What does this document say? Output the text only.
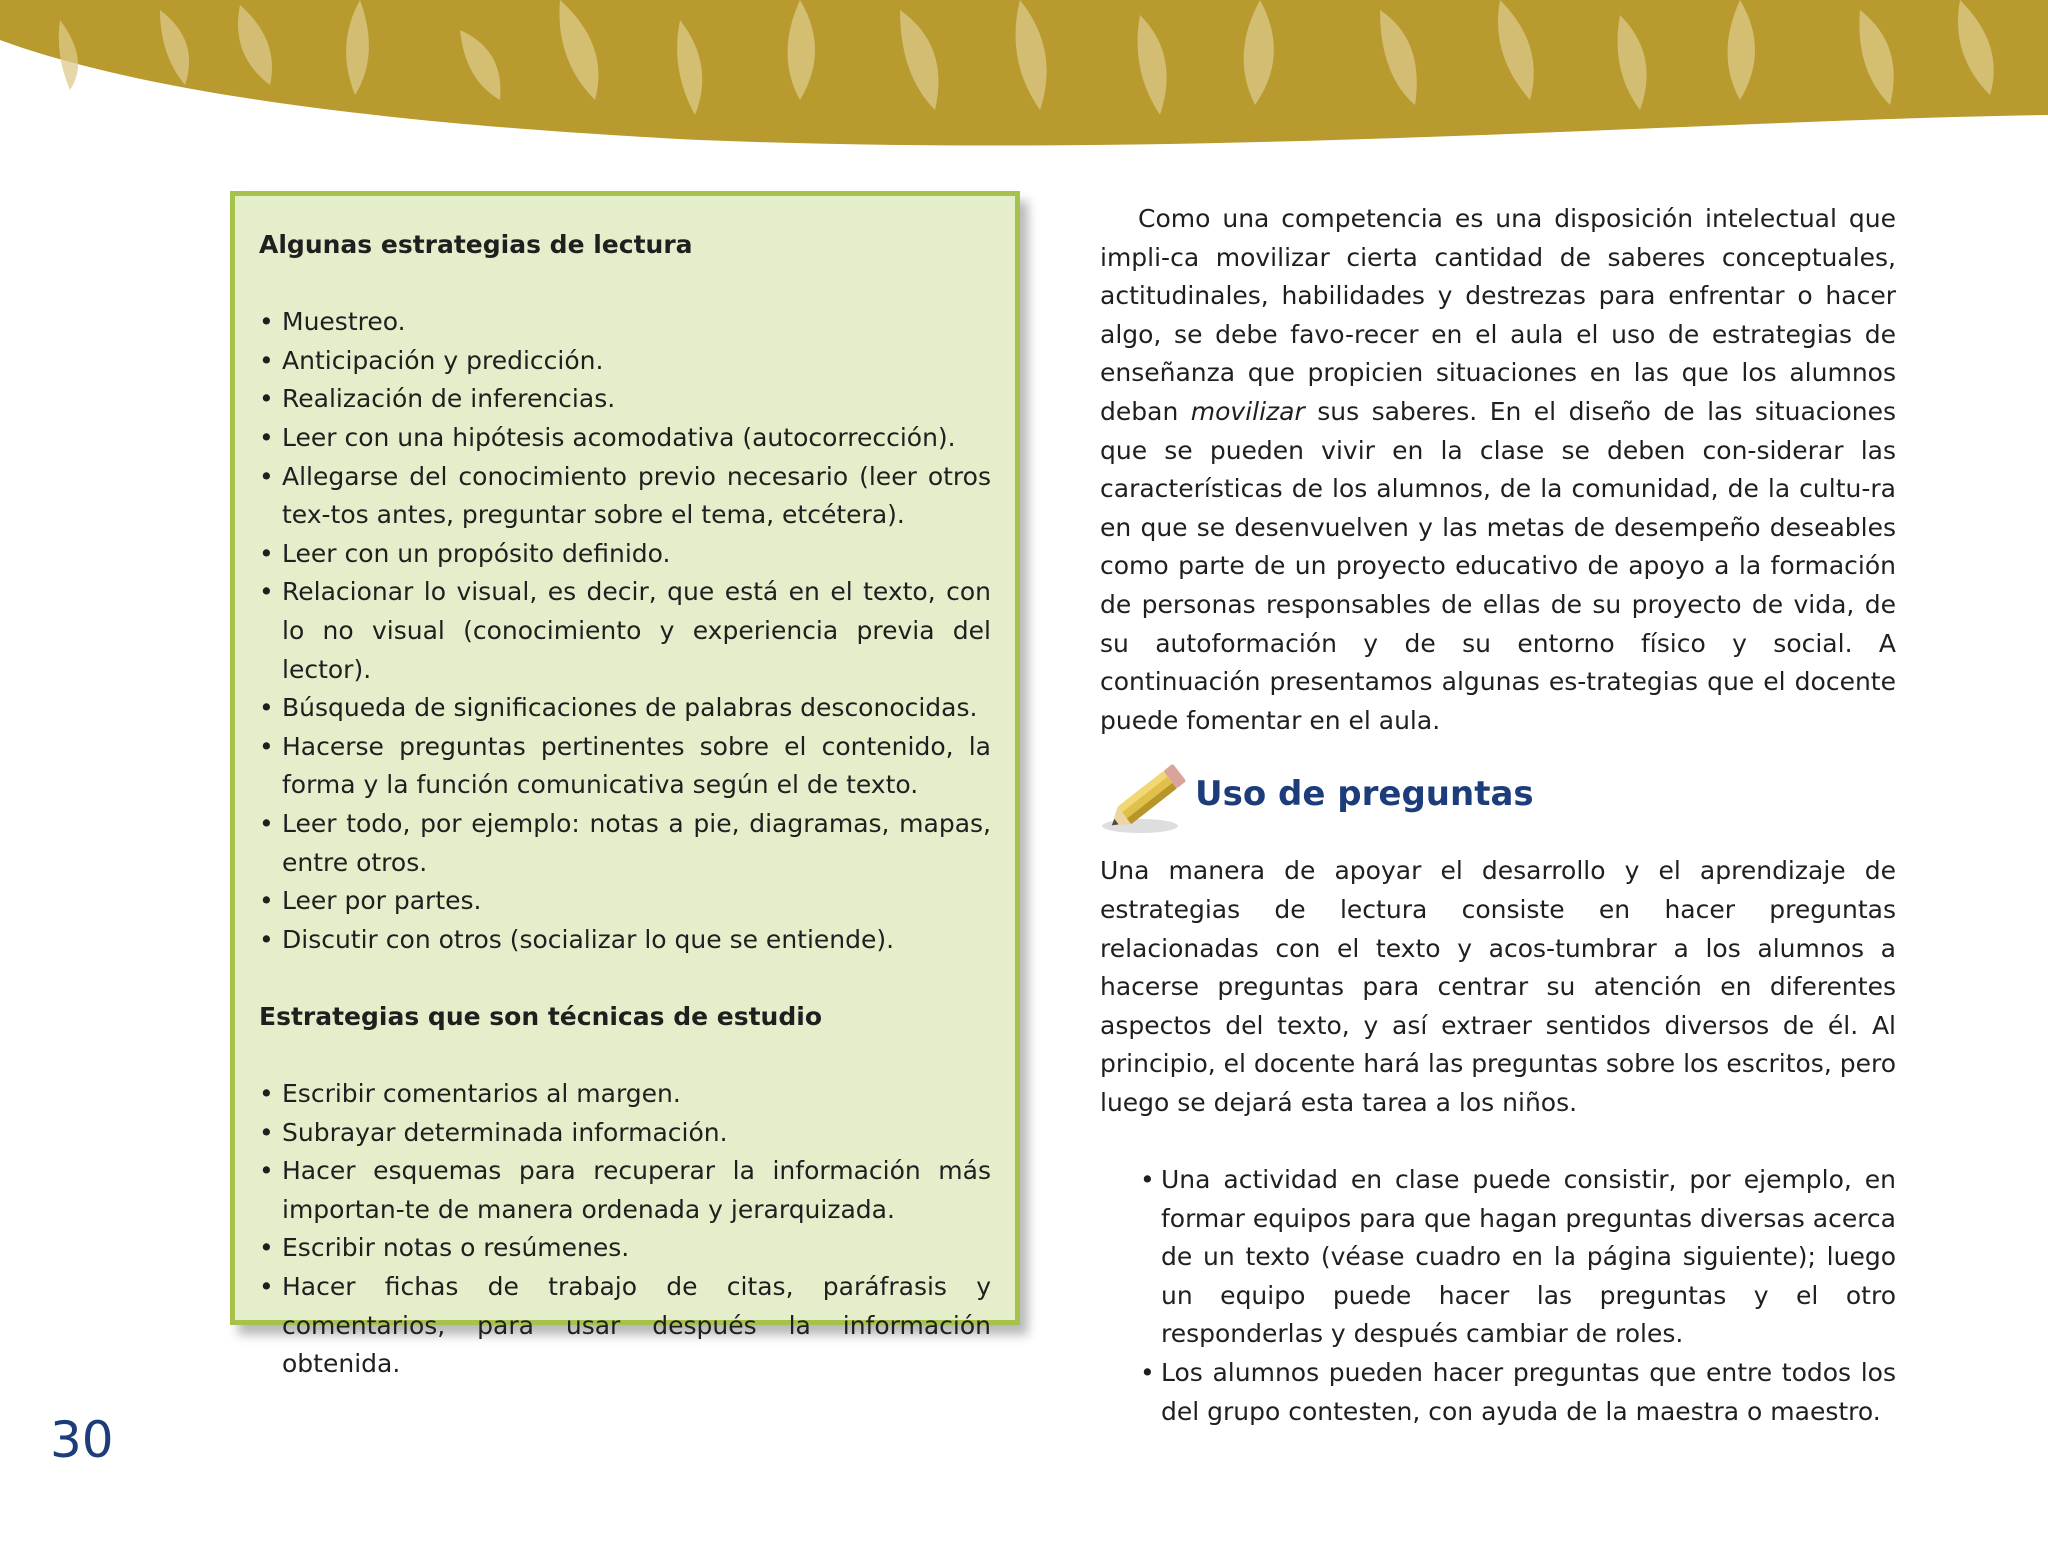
Algunas estrategias de lectura

• Muestreo.
• Anticipación y predicción.
• Realización de inferencias.
• Leer con una hipótesis acomodativa (autocorrección).
• Allegarse del conocimiento previo necesario (leer otros tex-tos antes, preguntar sobre el tema, etcétera).
• Leer con un propósito definido.
• Relacionar lo visual, es decir, que está en el texto, con lo no visual (conocimiento y experiencia previa del lector).
• Búsqueda de significaciones de palabras desconocidas.
• Hacerse preguntas pertinentes sobre el contenido, la forma y la función comunicativa según el de texto.
• Leer todo, por ejemplo: notas a pie, diagramas, mapas, entre otros.
• Leer por partes.
• Discutir con otros (socializar lo que se entiende).

Estrategias que son técnicas de estudio

• Escribir comentarios al margen.
• Subrayar determinada información.
• Hacer esquemas para recuperar la información más importan-te de manera ordenada y jerarquizada.
• Escribir notas o resúmenes.
• Hacer fichas de trabajo de citas, paráfrasis y comentarios, para usar después la información obtenida.

Como una competencia es una disposición intelectual que impli-ca movilizar cierta cantidad de saberes conceptuales, actitudinales, habilidades y destrezas para enfrentar o hacer algo, se debe favo-recer en el aula el uso de estrategias de enseñanza que propicien situaciones en las que los alumnos deban movilizar sus saberes. En el diseño de las situaciones que se pueden vivir en la clase se deben con-siderar las características de los alumnos, de la comunidad, de la cultu-ra en que se desenvuelven y las metas de desempeño deseables como parte de un proyecto educativo de apoyo a la formación de personas responsables de ellas de su proyecto de vida, de su autoformación y de su entorno físico y social. A continuación presentamos algunas es-trategias que el docente puede fomentar en el aula.

Uso de preguntas

Una manera de apoyar el desarrollo y el aprendizaje de estrategias de lectura consiste en hacer preguntas relacionadas con el texto y acos-tumbrar a los alumnos a hacerse preguntas para centrar su atención en diferentes aspectos del texto, y así extraer sentidos diversos de él. Al principio, el docente hará las preguntas sobre los escritos, pero luego se dejará esta tarea a los niños.

• Una actividad en clase puede consistir, por ejemplo, en formar equipos para que hagan preguntas diversas acerca de un texto (véase cuadro en la página siguiente); luego un equipo puede hacer las preguntas y el otro responderlas y después cambiar de roles.
• Los alumnos pueden hacer preguntas que entre todos los del grupo contesten, con ayuda de la maestra o maestro.
30
